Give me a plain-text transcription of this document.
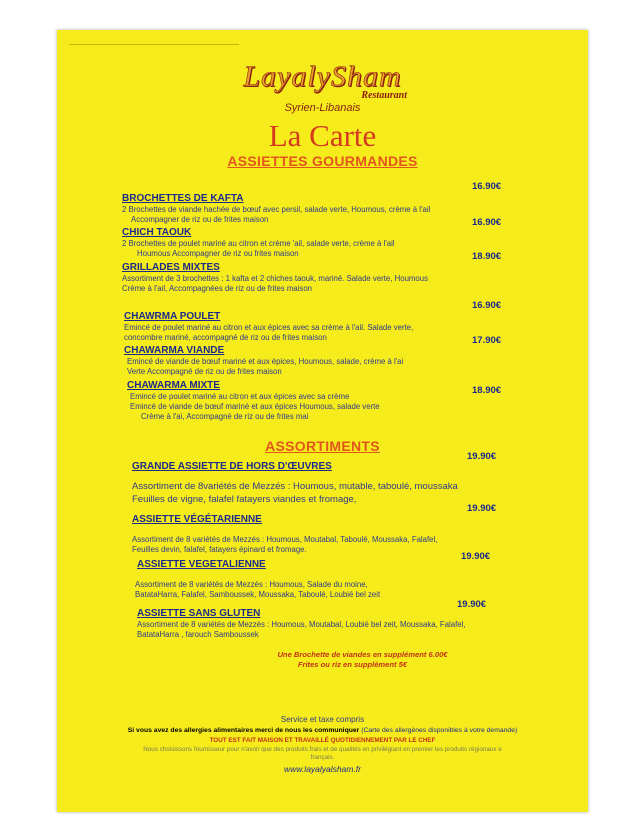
LayalySham
Restaurant
Syrien-Libanais
La Carte
ASSIETTES GOURMANDES
16.90€
BROCHETTES DE KAFTA
2 Brochettes de viande hachée de bœuf avec persil, salade verte, Houmous, crème à l'ail
Accompagner de riz ou de frites maison	16.90€
CHICH TAOUK
2 Brochettes de poulet mariné au citron et crème 'ail, salade verte, crème à l'ail
Houmous Accompagner de riz ou frites maison	18.90€
GRILLADES MIXTES
Assortiment de 3 brochettes : 1 kafta et 2 chiches taouk, mariné. Salade verte, Houmous
Crème à l'ail, Accompagnées de riz ou de frites maison
16.90€
CHAWRMA POULET
Emincé de poulet mariné au citron et aux épices avec sa crème à l'ail. Salade verte,
concombre mariné, accompagné de riz ou de frites maison	17.90€
CHAWARMA VIANDE
Emincé de viande de bœuf mariné et aux épices, Houmous, salade, crème à l'ai
Verte Accompagné de riz ou de frites maison
18.90€
CHAWARMA MIXTE
Emincé de poulet mariné au citron et aux épices avec sa crème
Emincé de viande de bœuf mariné et aux épices Houmous, salade verte
Crème à l'ai, Accompagné de riz ou de frites mai
ASSORTIMENTS
19.90€
GRANDE ASSIETTE DE HORS D'ŒUVRES
Assortiment de 8variétés de Mezzés : Houmous, mutable, taboulé, moussaka
Feuilles de vigne, falafel fatayers viandes et fromage,
19.90€
ASSIETTE VÉGÉTARIENNE
Assortiment de 8 variétés de Mezzés : Houmous, Moutabal, Taboulé, Moussaka, Falafel,
Feuilles devin, falafel, fatayers épinard et fromage.
19.90€
ASSIETTE VEGETALIENNE
Assortiment de 8 variétés de Mezzés : Houmous, Salade du moine,
BatataHarra, Falafel, Samboussek, Moussaka, Taboulé, Loubié bel zeit
19.90€
ASSIETTE SANS GLUTEN
Assortiment de 8 variétés de Mezzés : Houmous, Moutabal, Loubié bel zeit, Moussaka, Falafel,
BatataHarra , farouch Samboussek
Une Brochette de viandes en supplément 6.00€
Frites ou riz en supplément 5€
Service et taxe compris
Si vous avez des allergies alimentaires merci de nous les communiquer (Carte des allergènes disponibles à votre demande)
TOUT EST FAIT MAISON ET TRAVAILLÉ QUOTIDIENNEMENT PAR LE CHEF
Nous choisissons fournisseur pour n'avoir que des produits frais et de qualités en privilégiant en premier les produits régionaux e
français.
www.layalyalsham.fr
